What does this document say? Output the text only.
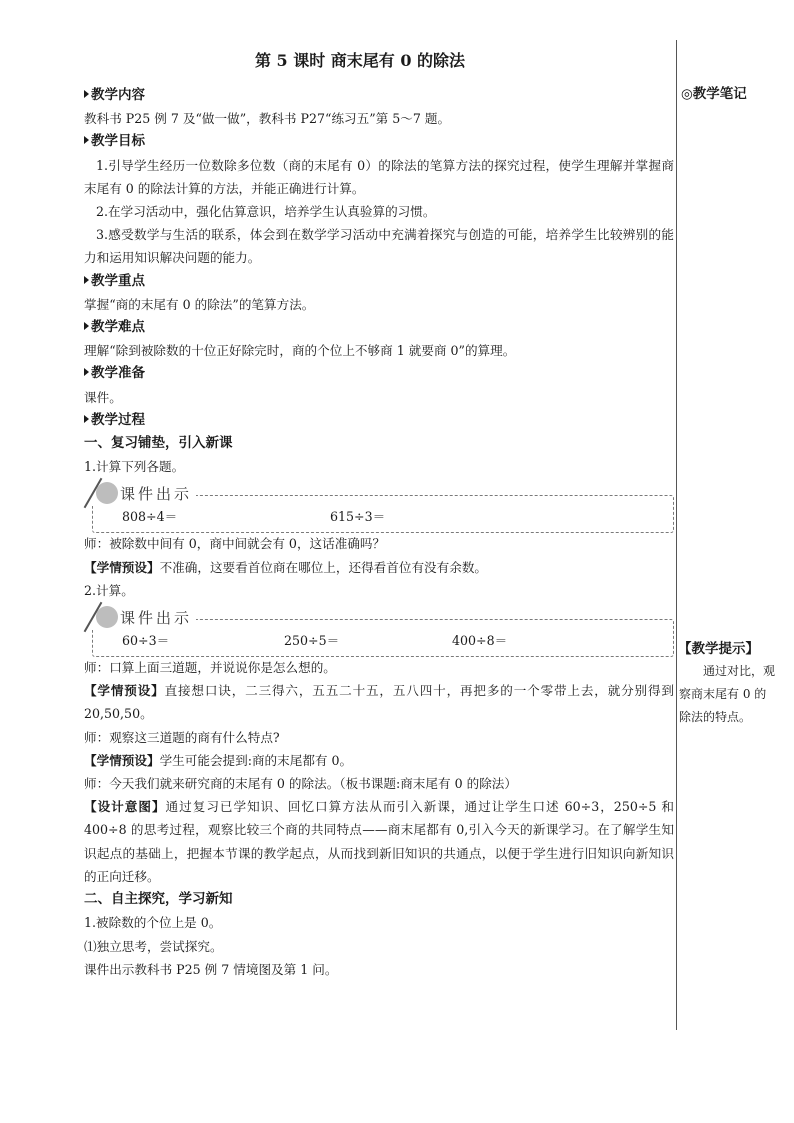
第 5 课时 商末尾有 0 的除法
◎教学笔记
【教学提示】
通过对比，观
察商末尾有 0 的
除法的特点。
教学内容
教科书 P25 例 7 及“做一做”，教科书 P27“练习五”第 5～7 题。
教学目标
1.引导学生经历一位数除多位数（商的末尾有 0）的除法的笔算方法的探究过程，使学生理解并掌握商末尾有 0 的除法计算的方法，并能正确进行计算。
2.在学习活动中，强化估算意识，培养学生认真验算的习惯。
3.感受数学与生活的联系，体会到在数学学习活动中充满着探究与创造的可能，培养学生比较辨别的能力和运用知识解决问题的能力。
教学重点
掌握“商的末尾有 0 的除法”的笔算方法。
教学难点
理解“除到被除数的十位正好除完时，商的个位上不够商 1 就要商 0”的算理。
教学准备
课件。
教学过程
一、复习铺垫，引入新课
1.计算下列各题。
课件出示
808÷4＝	615÷3＝
师：被除数中间有 0，商中间就会有 0，这话准确吗？
【学情预设】不准确，这要看首位商在哪位上，还得看首位有没有余数。
2.计算。
课件出示
60÷3＝	250÷5＝	400÷8＝
师：口算上面三道题，并说说你是怎么想的。
【学情预设】直接想口诀，二三得六，五五二十五，五八四十，再把多的一个零带上去，就分别得到 20,50,50。
师：观察这三道题的商有什么特点?
【学情预设】学生可能会提到:商的末尾都有 0。
师：今天我们就来研究商的末尾有 0 的除法。（板书课题:商末尾有 0 的除法）
【设计意图】通过复习已学知识、回忆口算方法从而引入新课，通过让学生口述 60÷3，250÷5 和 400÷8 的思考过程，观察比较三个商的共同特点——商末尾都有 0,引入今天的新课学习。在了解学生知识起点的基础上，把握本节课的教学起点，从而找到新旧知识的共通点，以便于学生进行旧知识向新知识的正向迁移。
二、自主探究，学习新知
1.被除数的个位上是 0。
⑴独立思考，尝试探究。
课件出示教科书 P25 例 7 情境图及第 1 问。
